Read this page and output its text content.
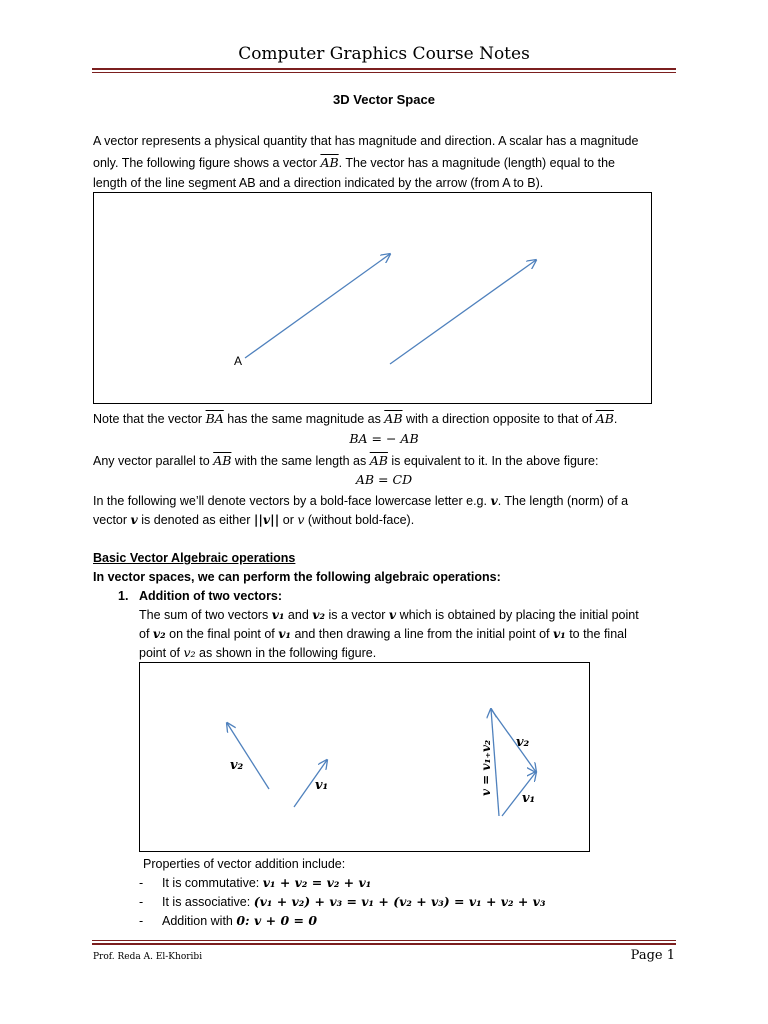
Computer Graphics Course Notes
3D Vector Space
A vector represents a physical quantity that has magnitude and direction. A scalar has a magnitude
only. The following figure shows a vector $\overline{AB}$. The vector has a magnitude (length) equal to the
length of the line segment AB and a direction indicated by the arrow (from A to B).
A
Note that the vector $\overline{BA}$ has the same magnitude as $\overline{AB}$ with a direction opposite to that of $\overline{AB}$.
BA = − AB
Any vector parallel to $\overline{AB}$ with the same length as $\overline{AB}$ is equivalent to it. In the above figure:
AB = CD
In the following we’ll denote vectors by a bold-face lowercase letter e.g. v. The length (norm) of a
vector v is denoted as either ||v|| or v (without bold-face).
Basic Vector Algebraic operations
In vector spaces, we can perform the following algebraic operations:
1. Addition of two vectors:
The sum of two vectors v₁ and v₂ is a vector v which is obtained by placing the initial point
of v₂ on the final point of v₁ and then drawing a line from the initial point of v₁ to the final
point of v₂ as shown in the following figure.
v₂
v₁	v = v₁₊v₂ v₂
v₁
Properties of vector addition include:
- It is commutative: v₁ + v₂ = v₂ + v₁
- It is associative: (v₁ + v₂) + v₃ = v₁ + (v₂ + v₃) = v₁ + v₂ + v₃
- Addition with 0: v + 0 = 0
Prof. Reda A. El-Khoribi	Page 1
